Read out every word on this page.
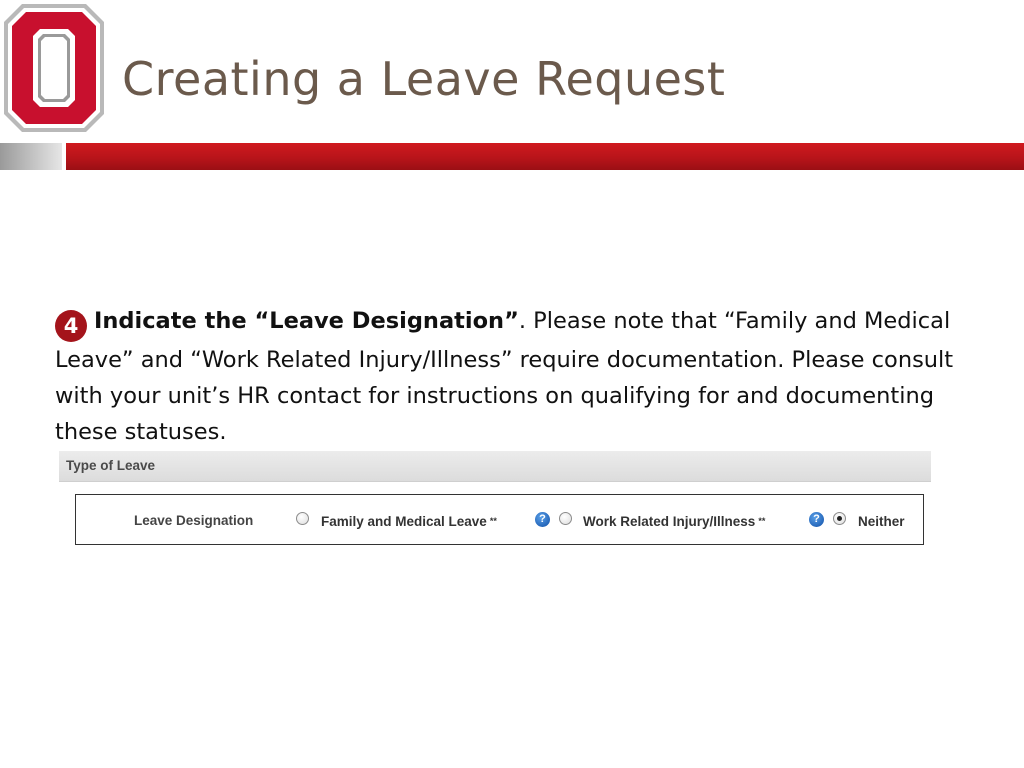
Creating a Leave Request
4 Indicate the “Leave Designation”. Please note that “Family and Medical Leave” and “Work Related Injury/Illness” require documentation. Please consult with your unit’s HR contact for instructions on qualifying for and documenting these statuses.
Type of Leave
Leave Designation	Family and Medical Leave **	?	Work Related Injury/Illness **	?	Neither
